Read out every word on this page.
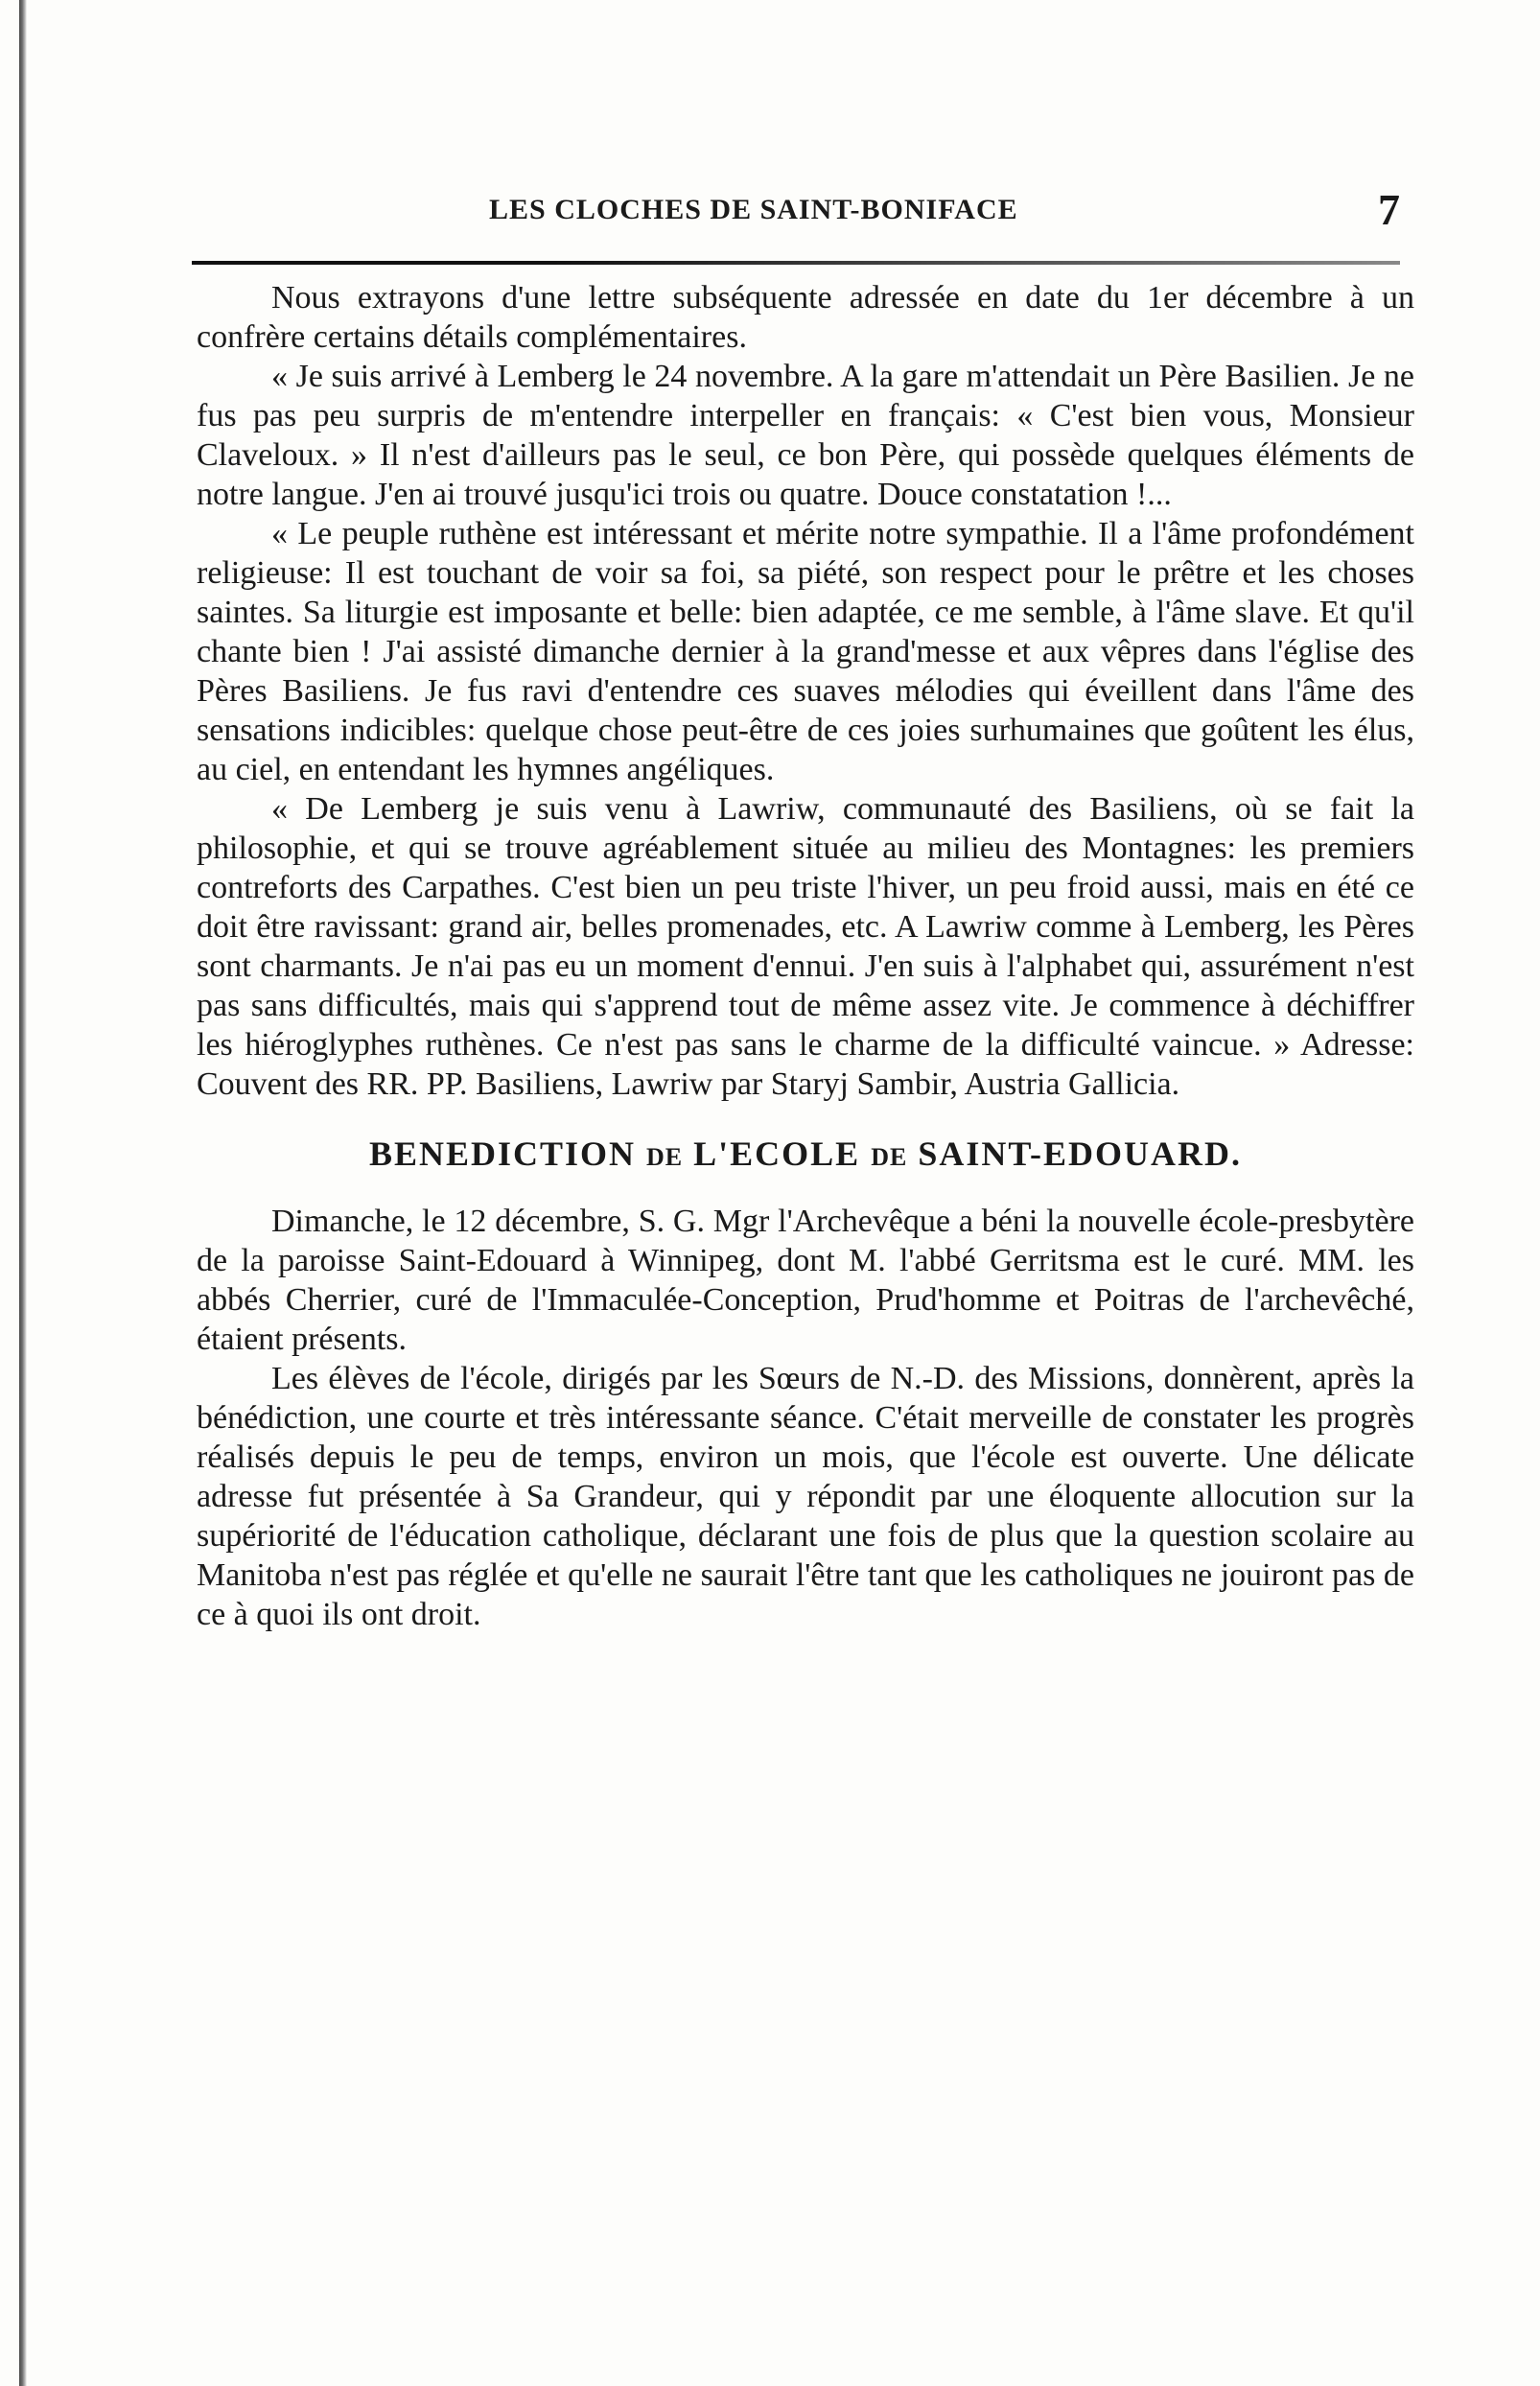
LES CLOCHES DE SAINT-BONIFACE	7

Nous extrayons d'une lettre subséquente adressée en date du 1er décembre à un confrère certains détails complémentaires.

« Je suis arrivé à Lemberg le 24 novembre. A la gare m'attendait un Père Basilien. Je ne fus pas peu surpris de m'entendre interpeller en français: « C'est bien vous, Monsieur Claveloux. » Il n'est d'ailleurs pas le seul, ce bon Père, qui possède quelques éléments de notre langue. J'en ai trouvé jusqu'ici trois ou quatre. Douce constatation !...

« Le peuple ruthène est intéressant et mérite notre sympathie. Il a l'âme profondément religieuse: Il est touchant de voir sa foi, sa piété, son respect pour le prêtre et les choses saintes. Sa liturgie est imposante et belle: bien adaptée, ce me semble, à l'âme slave. Et qu'il chante bien ! J'ai assisté dimanche dernier à la grand'messe et aux vêpres dans l'église des Pères Basiliens. Je fus ravi d'entendre ces suaves mélodies qui éveillent dans l'âme des sensations indicibles: quelque chose peut-être de ces joies surhumaines que goûtent les élus, au ciel, en entendant les hymnes angéliques.

« De Lemberg je suis venu à Lawriw, communauté des Basiliens, où se fait la philosophie, et qui se trouve agréablement située au milieu des Montagnes: les premiers contreforts des Carpathes. C'est bien un peu triste l'hiver, un peu froid aussi, mais en été ce doit être ravissant: grand air, belles promenades, etc. A Lawriw comme à Lemberg, les Pères sont charmants. Je n'ai pas eu un moment d'ennui. J'en suis à l'alphabet qui, assurément n'est pas sans difficultés, mais qui s'apprend tout de même assez vite. Je commence à déchiffrer les hiéroglyphes ruthènes. Ce n'est pas sans le charme de la difficulté vaincue. » Adresse: Couvent des RR. PP. Basiliens, Lawriw par Staryj Sambir, Austria Gallicia.

BENEDICTION DE L'ECOLE DE SAINT-EDOUARD.

Dimanche, le 12 décembre, S. G. Mgr l'Archevêque a béni la nouvelle école-presbytère de la paroisse Saint-Edouard à Winnipeg, dont M. l'abbé Gerritsma est le curé. MM. les abbés Cherrier, curé de l'Immaculée-Conception, Prud'homme et Poitras de l'archevêché, étaient présents.

Les élèves de l'école, dirigés par les Sœurs de N.-D. des Missions, donnèrent, après la bénédiction, une courte et très intéressante séance. C'était merveille de constater les progrès réalisés depuis le peu de temps, environ un mois, que l'école est ouverte. Une délicate adresse fut présentée à Sa Grandeur, qui y répondit par une éloquente allocution sur la supériorité de l'éducation catholique, déclarant une fois de plus que la question scolaire au Manitoba n'est pas réglée et qu'elle ne saurait l'être tant que les catholiques ne jouiront pas de ce à quoi ils ont droit.
